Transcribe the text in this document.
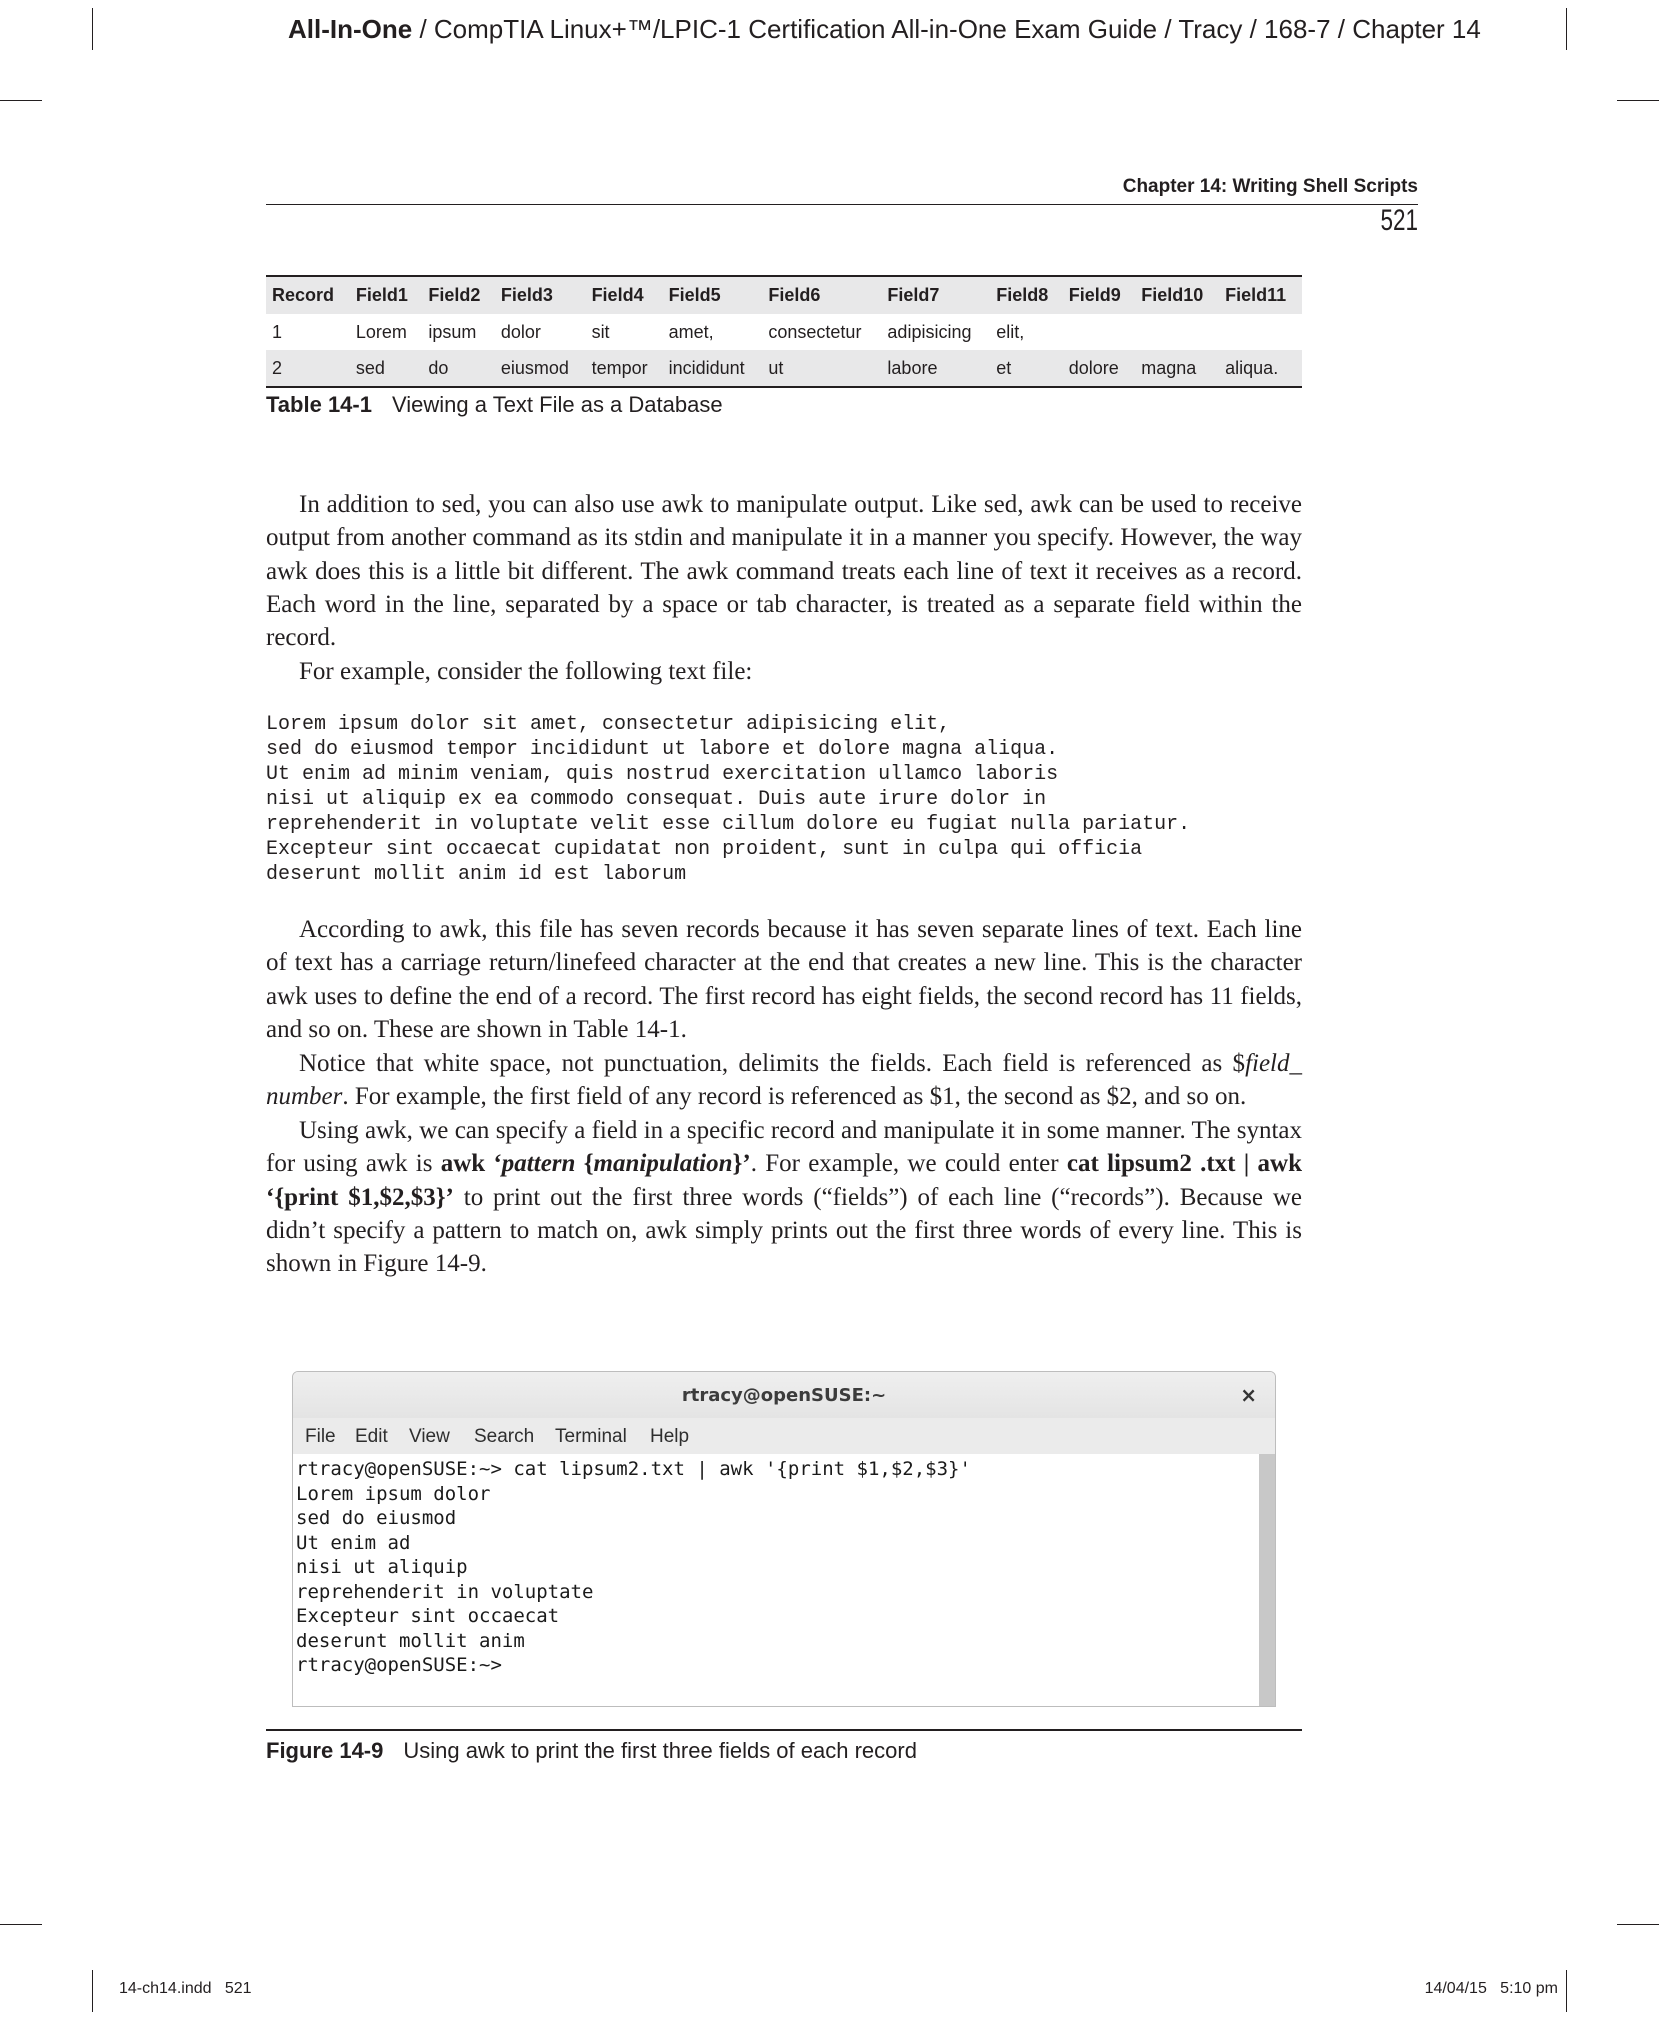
All-In-One / CompTIA Linux+™/LPIC-1 Certification All-in-One Exam Guide / Tracy / 168-7 / Chapter 14
Chapter 14: Writing Shell Scripts
521
Record	Field1	Field2	Field3	Field4	Field5	Field6	Field7	Field8	Field9	Field10	Field11
1	Lorem	ipsum	dolor	sit	amet,	consectetur	adipisicing	elit,			
2	sed	do	eiusmod	tempor	incididunt	ut	labore	et	dolore	magna	aliqua.
Table 14-1 Viewing a Text File as a Database

In addition to sed, you can also use awk to manipulate output. Like sed, awk can be used to receive output from another command as its stdin and manipulate it in a manner you specify. However, the way awk does this is a little bit different. The awk command treats each line of text it receives as a record. Each word in the line, separated by a space or tab character, is treated as a separate field within the record.

For example, consider the following text file:

Lorem ipsum dolor sit amet, consectetur adipisicing elit,
sed do eiusmod tempor incididunt ut labore et dolore magna aliqua.
Ut enim ad minim veniam, quis nostrud exercitation ullamco laboris
nisi ut aliquip ex ea commodo consequat. Duis aute irure dolor in
reprehenderit in voluptate velit esse cillum dolore eu fugiat nulla pariatur.
Excepteur sint occaecat cupidatat non proident, sunt in culpa qui officia
deserunt mollit anim id est laborum

According to awk, this file has seven records because it has seven separate lines of text. Each line of text has a carriage return/linefeed character at the end that creates a new line. This is the character awk uses to define the end of a record. The first record has eight fields, the second record has 11 fields, and so on. These are shown in Table 14-1.

Notice that white space, not punctuation, delimits the fields. Each field is referenced as $field_ number. For example, the first field of any record is referenced as $1, the second as $2, and so on.

Using awk, we can specify a field in a specific record and manipulate it in some manner. The syntax for using awk is awk ‘pattern {manipulation}’. For example, we could enter cat lipsum2 .txt | awk ‘{print $1,$2,$3}’ to print out the first three words (“fields”) of each line (“records”). Because we didn’t specify a pattern to match on, awk simply prints out the first three words of every line. This is shown in Figure 14-9.

rtracy@openSUSE:~	×
File Edit View Search Terminal Help
rtracy@openSUSE:~> cat lipsum2.txt | awk '{print $1,$2,$3}'
Lorem ipsum dolor
sed do eiusmod
Ut enim ad
nisi ut aliquip
reprehenderit in voluptate
Excepteur sint occaecat
deserunt mollit anim
rtracy@openSUSE:~>
Figure 14-9 Using awk to print the first three fields of each record
14-ch14.indd   521	14/04/15   5:10 pm
